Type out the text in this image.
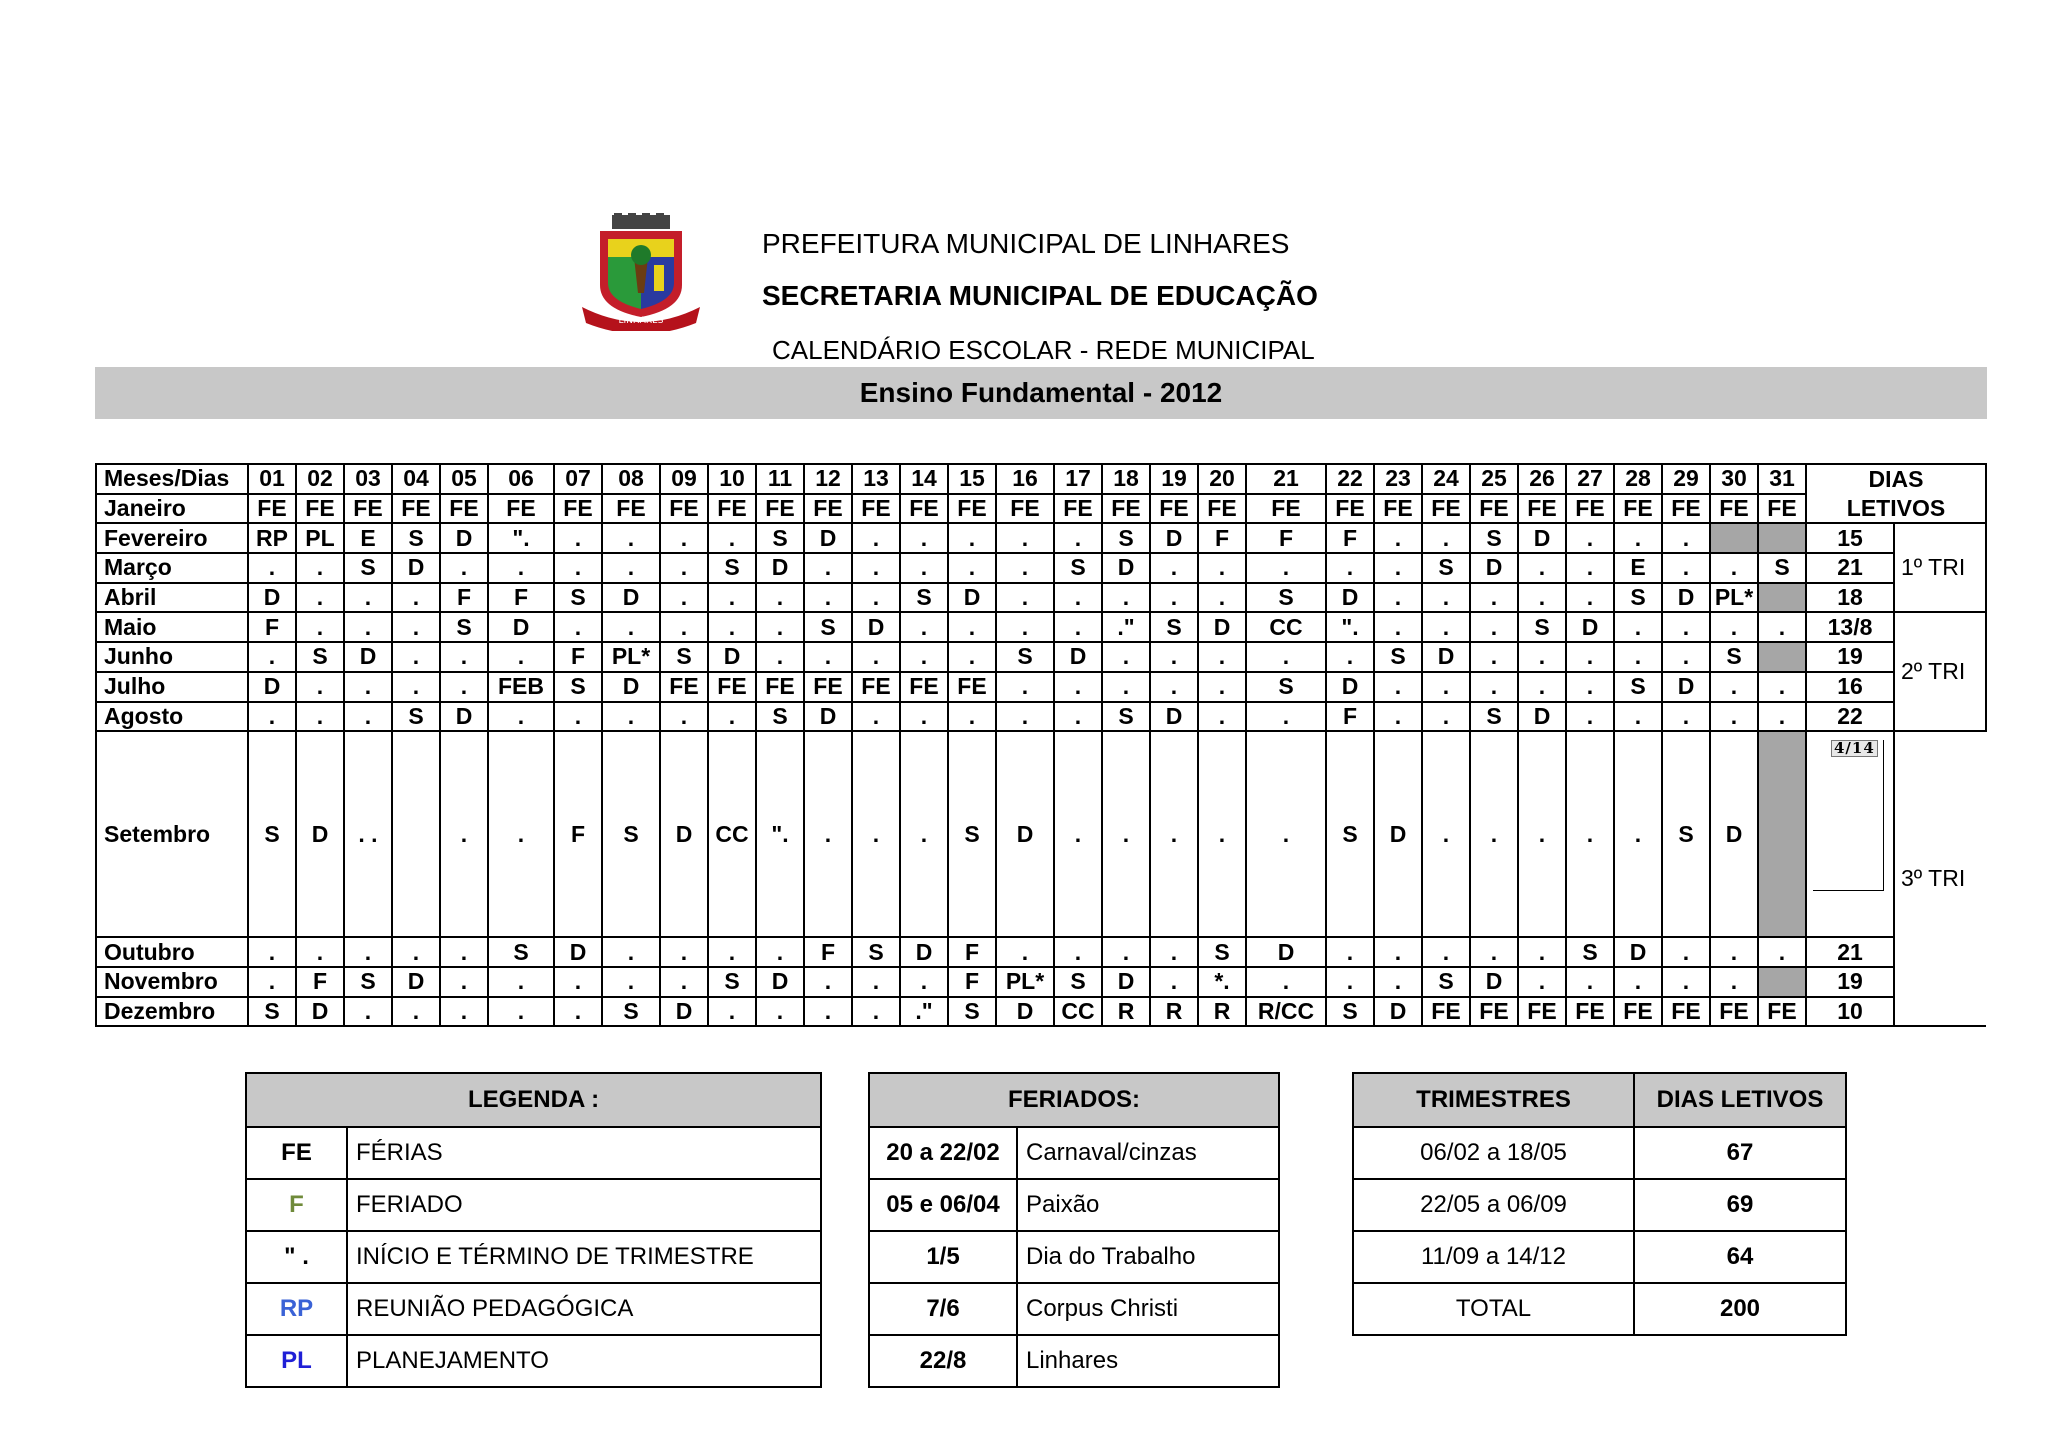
LINHARES
PREFEITURA MUNICIPAL DE LINHARES
SECRETARIA MUNICIPAL DE EDUCAÇÃO
CALENDÁRIO ESCOLAR - REDE MUNICIPAL
Ensino Fundamental - 2012
Meses/Dias	01	02	03	04	05	06	07	08	09	10	11	12	13	14	15	16	17	18	19	20	21	22	23	24	25	26	27	28	29	30	31	DIAS	
Janeiro	FE	FE	FE	FE	FE	FE	FE	FE	FE	FE	FE	FE	FE	FE	FE	FE	FE	FE	FE	FE	FE	FE	FE	FE	FE	FE	FE	FE	FE	FE	FE	LETIVOS	
Fevereiro	RP	PL	E	S	D	".	.	.	.	.	S	D	.	.	.	.	.	S	D	F	F	F	.	.	S	D	.	.	.			15	1º TRI
Março	.	.	S	D	.	.	.	.	.	S	D	.	.	.	.	.	S	D	.	.	.	.	.	S	D	.	.	E	.	.	S	21	
Abril	D	.	.	.	F	F	S	D	.	.	.	.	.	S	D	.	.	.	.	.	S	D	.	.	.	.	.	S	D	PL*		18	
Maio	F	.	.	.	S	D	.	.	.	.	.	S	D	.	.	.	.	."	S	D	CC	".	.	.	.	S	D	.	.	.	.	13/8	2º TRI
Junho	.	S	D	.	.	.	F	PL*	S	D	.	.	.	.	.	S	D	.	.	.	.	.	S	D	.	.	.	.	.	S		19	
Julho	D	.	.	.	.	FEB	S	D	FE	FE	FE	FE	FE	FE	FE	.	.	.	.	.	S	D	.	.	.	.	.	S	D	.	.	16	
Agosto	.	.	.	S	D	.	.	.	.	.	S	D	.	.	.	.	.	S	D	.	.	F	.	.	S	D	.	.	.	.	.	22	
Setembro	S	D	. .		.	.	F	S	D	CC	".	.	.	.	S	D	.	.	.	.	.	S	D	.	.	.	.	.	S	D		4/14	3º TRI
Outubro	.	.	.	.	.	S	D	.	.	.	.	F	S	D	F	.	.	.	.	S	D	.	.	.	.	.	S	D	.	.	.	21	
Novembro	.	F	S	D	.	.	.	.	.	S	D	.	.	.	F	PL*	S	D	.	*.	.	.	.	S	D	.	.	.	.	.		19	
Dezembro	S	D	.	.	.	.	.	S	D	.	.	.	.	."	S	D	CC	R	R	R	R/CC	S	D	FE	FE	FE	FE	FE	FE	FE	FE	10	
LEGENDA :	
FE	FÉRIAS
F	FERIADO
" .	INÍCIO E TÉRMINO DE TRIMESTRE
RP	REUNIÃO PEDAGÓGICA
PL	PLANEJAMENTO
FERIADOS:	
20 a 22/02	Carnaval/cinzas
05 e 06/04	Paixão
1/5	Dia do Trabalho
7/6	Corpus Christi
22/8	Linhares
TRIMESTRES	DIAS LETIVOS
06/02 a 18/05	67
22/05 a 06/09	69
11/09 a 14/12	64
TOTAL	200
